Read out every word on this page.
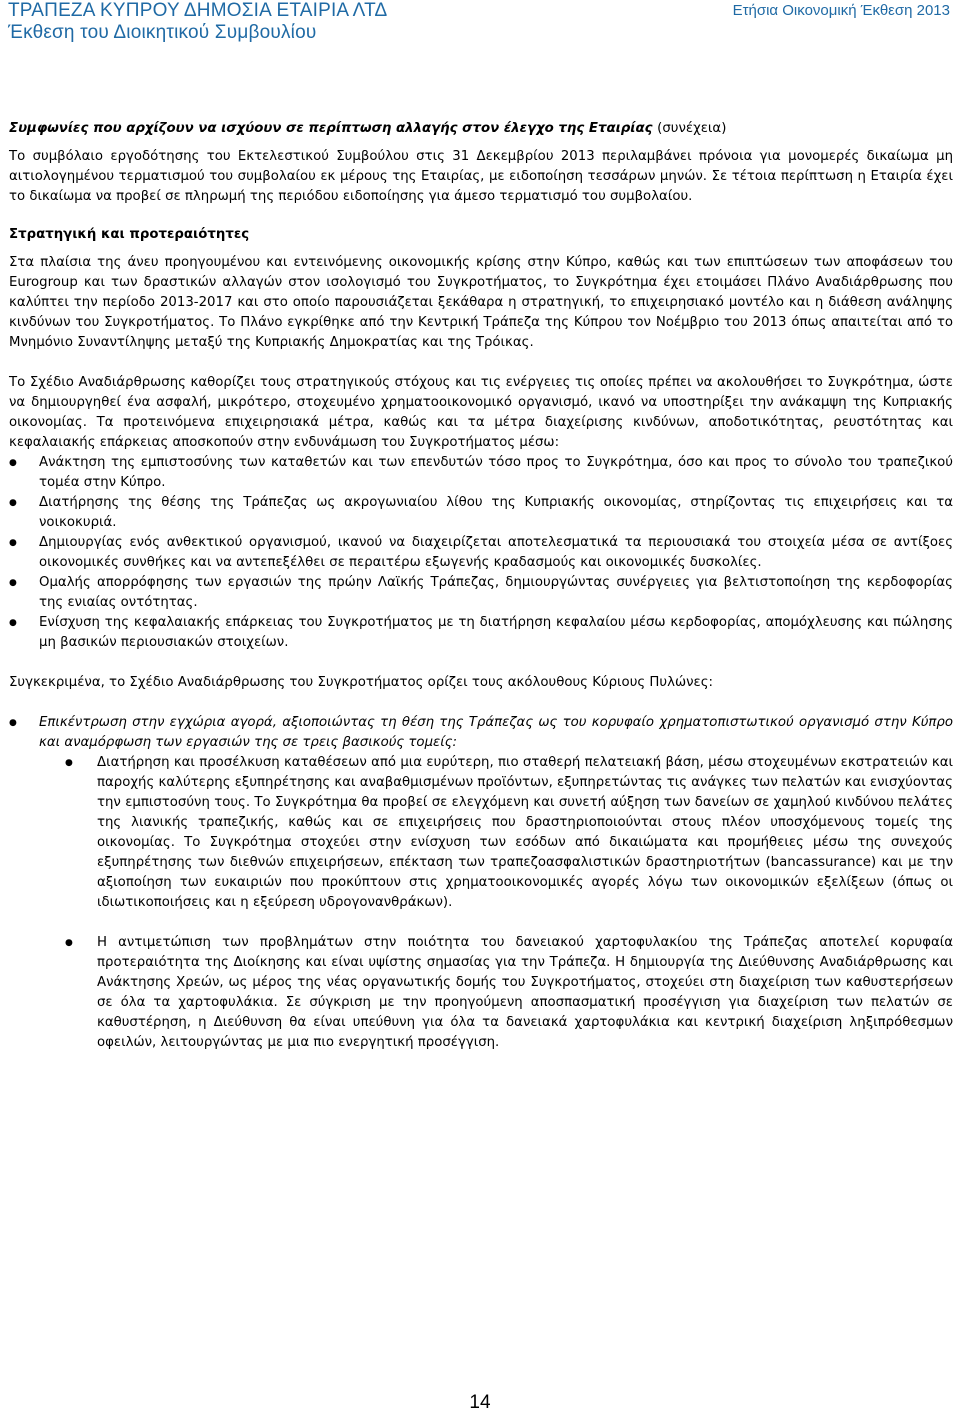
ΤΡΑΠΕΖΑ ΚΥΠΡΟΥ ΔΗΜΟΣΙΑ ΕΤΑΙΡΙΑ ΛΤΔ
Έκθεση του Διοικητικού Συμβουλίου
Ετήσια Οικονομική Έκθεση 2013

Συμφωνίες που αρχίζουν να ισχύουν σε περίπτωση αλλαγής στον έλεγχο της Εταιρίας (συνέχεια)

Το συμβόλαιο εργοδότησης του Εκτελεστικού Συμβούλου στις 31 Δεκεμβρίου 2013 περιλαμβάνει πρόνοια για μονομερές δικαίωμα μη αιτιολογημένου τερματισμού του συμβολαίου εκ μέρους της Εταιρίας, με ειδοποίηση τεσσάρων μηνών. Σε τέτοια περίπτωση η Εταιρία έχει το δικαίωμα να προβεί σε πληρωμή της περιόδου ειδοποίησης για άμεσο τερματισμό του συμβολαίου.

Στρατηγική και προτεραιότητες

Στα πλαίσια της άνευ προηγουμένου και εντεινόμενης οικονομικής κρίσης στην Κύπρο, καθώς και των επιπτώσεων των αποφάσεων του Eurogroup και των δραστικών αλλαγών στον ισολογισμό του Συγκροτήματος, το Συγκρότημα έχει ετοιμάσει Πλάνο Αναδιάρθρωσης που καλύπτει την περίοδο 2013-2017 και στο οποίο παρουσιάζεται ξεκάθαρα η στρατηγική, το επιχειρησιακό μοντέλο και η διάθεση ανάληψης κινδύνων του Συγκροτήματος. Το Πλάνο εγκρίθηκε από την Κεντρική Τράπεζα της Κύπρου τον Νοέμβριο του 2013 όπως απαιτείται από το Μνημόνιο Συναντίληψης μεταξύ της Κυπριακής Δημοκρατίας και της Τρόικας.

Το Σχέδιο Αναδιάρθρωσης καθορίζει τους στρατηγικούς στόχους και τις ενέργειες τις οποίες πρέπει να ακολουθήσει το Συγκρότημα, ώστε να δημιουργηθεί ένα ασφαλή, μικρότερο, στοχευμένο χρηματοοικονομικό οργανισμό, ικανό να υποστηρίξει την ανάκαμψη της Κυπριακής οικονομίας. Τα προτεινόμενα επιχειρησιακά μέτρα, καθώς και τα μέτρα διαχείρισης κινδύνων, αποδοτικότητας, ρευστότητας και κεφαλαιακής επάρκειας αποσκοπούν στην ενδυνάμωση του Συγκροτήματος μέσω:

● Ανάκτηση της εμπιστοσύνης των καταθετών και των επενδυτών τόσο προς το Συγκρότημα, όσο και προς το σύνολο του τραπεζικού τομέα στην Κύπρο.
● Διατήρησης της θέσης της Τράπεζας ως ακρογωνιαίου λίθου της Κυπριακής οικονομίας, στηρίζοντας τις επιχειρήσεις και τα νοικοκυριά.
● Δημιουργίας ενός ανθεκτικού οργανισμού, ικανού να διαχειρίζεται αποτελεσματικά τα περιουσιακά του στοιχεία μέσα σε αντίξοες οικονομικές συνθήκες και να αντεπεξέλθει σε περαιτέρω εξωγενής κραδασμούς και οικονομικές δυσκολίες.
● Ομαλής απορρόφησης των εργασιών της πρώην Λαϊκής Τράπεζας, δημιουργώντας συνέργειες για βελτιστοποίηση της κερδοφορίας της ενιαίας οντότητας.
● Ενίσχυση της κεφαλαιακής επάρκειας του Συγκροτήματος με τη διατήρηση κεφαλαίου μέσω κερδοφορίας, απομόχλευσης και πώλησης μη βασικών περιουσιακών στοιχείων.

Συγκεκριμένα, το Σχέδιο Αναδιάρθρωσης του Συγκροτήματος ορίζει τους ακόλουθους Κύριους Πυλώνες:

● Επικέντρωση στην εγχώρια αγορά, αξιοποιώντας τη θέση της Τράπεζας ως του κορυφαίο χρηματοπιστωτικού οργανισμό στην Κύπρο και αναμόρφωση των εργασιών της σε τρεις βασικούς τομείς:
● Διατήρηση και προσέλκυση καταθέσεων από μια ευρύτερη, πιο σταθερή πελατειακή βάση, μέσω στοχευμένων εκστρατειών και παροχής καλύτερης εξυπηρέτησης και αναβαθμισμένων προϊόντων, εξυπηρετώντας τις ανάγκες των πελατών και ενισχύοντας την εμπιστοσύνη τους. Το Συγκρότημα θα προβεί σε ελεγχόμενη και συνετή αύξηση των δανείων σε χαμηλού κινδύνου πελάτες της λιανικής τραπεζικής, καθώς και σε επιχειρήσεις που δραστηριοποιούνται στους πλέον υποσχόμενους τομείς της οικονομίας. Το Συγκρότημα στοχεύει στην ενίσχυση των εσόδων από δικαιώματα και προμήθειες μέσω της συνεχούς εξυπηρέτησης των διεθνών επιχειρήσεων, επέκταση των τραπεζοασφαλιστικών δραστηριοτήτων (bancassurance) και με την αξιοποίηση των ευκαιριών που προκύπτουν στις χρηματοοικονομικές αγορές λόγω των οικονομικών εξελίξεων (όπως οι ιδιωτικοποιήσεις και η εξεύρεση υδρογονανθράκων).
● Η αντιμετώπιση των προβλημάτων στην ποιότητα του δανειακού χαρτοφυλακίου της Τράπεζας αποτελεί κορυφαία προτεραιότητα της Διοίκησης και είναι υψίστης σημασίας για την Τράπεζα. Η δημιουργία της Διεύθυνσης Αναδιάρθρωσης και Ανάκτησης Χρεών, ως μέρος της νέας οργανωτικής δομής του Συγκροτήματος, στοχεύει στη διαχείριση των καθυστερήσεων σε όλα τα χαρτοφυλάκια. Σε σύγκριση με την προηγούμενη αποσπασματική προσέγγιση για διαχείριση των πελατών σε καθυστέρηση, η Διεύθυνση θα είναι υπεύθυνη για όλα τα δανειακά χαρτοφυλάκια και κεντρική διαχείριση ληξιπρόθεσμων οφειλών, λειτουργώντας με μια πιο ενεργητική προσέγγιση.
14
